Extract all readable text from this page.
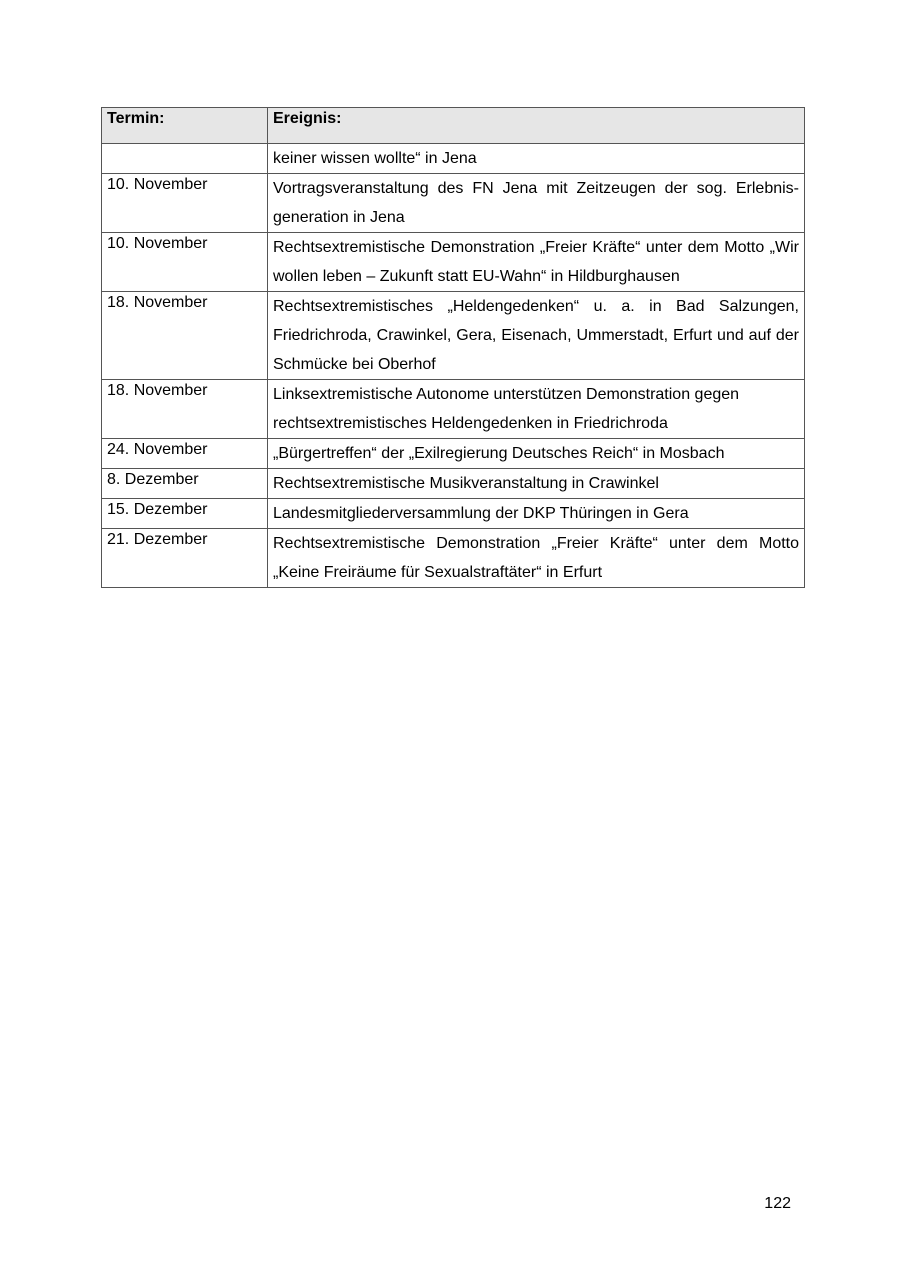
Termin:	Ereignis:
	keiner wissen wollte“ in Jena
10. November	Vortragsveranstaltung des FN Jena mit Zeitzeugen der sog. Erlebnis-generation in Jena
10. November	Rechtsextremistische Demonstration „Freier Kräfte“ unter dem Motto „Wir wollen leben – Zukunft statt EU-Wahn“ in Hildburghausen
18. November	Rechtsextremistisches „Heldengedenken“ u. a. in Bad Salzungen, Friedrichroda, Crawinkel, Gera, Eisenach, Ummerstadt, Erfurt und auf der Schmücke bei Oberhof
18. November	Linksextremistische Autonome unterstützen Demonstration gegen rechtsextremistisches Heldengedenken in Friedrichroda
24. November	„Bürgertreffen“ der „Exilregierung Deutsches Reich“ in Mosbach
8. Dezember	Rechtsextremistische Musikveranstaltung in Crawinkel
15. Dezember	Landesmitgliederversammlung der DKP Thüringen in Gera
21. Dezember	Rechtsextremistische Demonstration „Freier Kräfte“ unter dem Motto „Keine Freiräume für Sexualstraftäter“ in Erfurt
122
